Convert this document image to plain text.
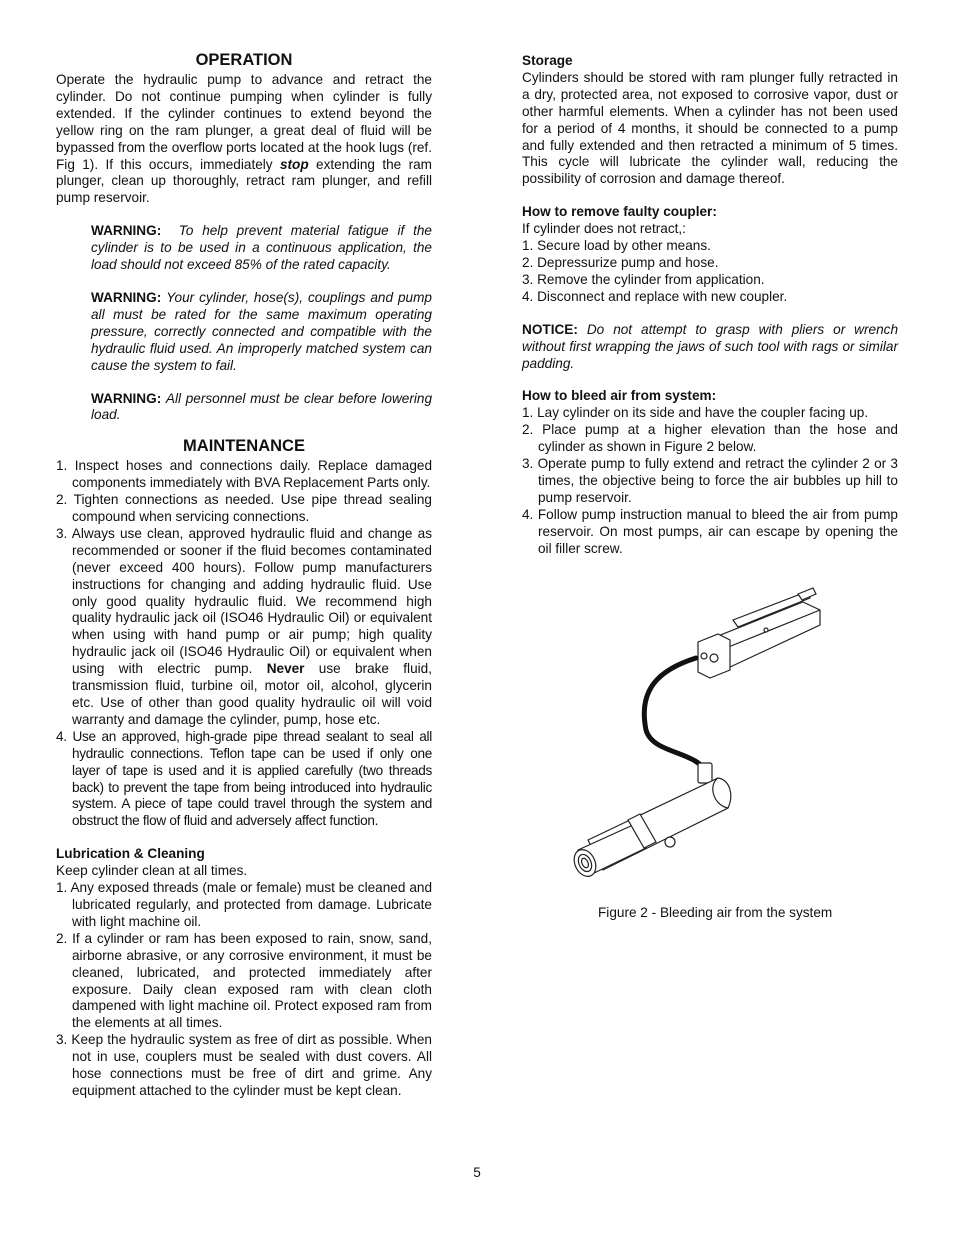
OPERATION

Operate the hydraulic pump to advance and retract the cylinder. Do not continue pumping when cylinder is fully extended. If the cylinder continues to extend beyond the yellow ring on the ram plunger, a great deal of fluid will be bypassed from the overflow ports located at the hook lugs (ref. Fig 1). If this occurs, immediately stop extending the ram plunger, clean up thoroughly, retract ram plunger, and refill pump reservoir.

WARNING: To help prevent material fatigue if the cylinder is to be used in a continuous application, the load should not exceed 85% of the rated capacity.
WARNING: Your cylinder, hose(s), couplings and pump all must be rated for the same maximum operating pressure, correctly connected and compatible with the hydraulic fluid used. An improperly matched system can cause the system to fail.
WARNING: All personnel must be clear before lowering load.
MAINTENANCE
1. Inspect hoses and connections daily. Replace damaged components immediately with BVA Replacement Parts only.
2. Tighten connections as needed. Use pipe thread sealing compound when servicing connections.
3. Always use clean, approved hydraulic fluid and change as recommended or sooner if the fluid becomes contaminated (never exceed 400 hours). Follow pump manufacturers instructions for changing and adding hydraulic fluid. Use only good quality hydraulic fluid. We recommend high quality hydraulic jack oil (ISO46 Hydraulic Oil) or equivalent when using with hand pump or air pump; high quality hydraulic jack oil (ISO46 Hydraulic Oil) or equivalent when using with electric pump. Never use brake fluid, transmission fluid, turbine oil, motor oil, alcohol, glycerin etc. Use of other than good quality hydraulic oil will void warranty and damage the cylinder, pump, hose etc.
4. Use an approved, high-grade pipe thread sealant to seal all hydraulic connections. Teflon tape can be used if only one layer of tape is used and it is applied carefully (two threads back) to prevent the tape from being introduced into hydraulic system. A piece of tape could travel through the system and obstruct the flow of fluid and adversely affect function.
Lubrication & Cleaning

Keep cylinder clean at all times.

1. Any exposed threads (male or female) must be cleaned and lubricated regularly, and protected from damage. Lubricate with light machine oil.
2. If a cylinder or ram has been exposed to rain, snow, sand, airborne abrasive, or any corrosive environment, it must be cleaned, lubricated, and protected immediately after exposure. Daily clean exposed ram with clean cloth dampened with light machine oil. Protect exposed ram from the elements at all times.
3. Keep the hydraulic system as free of dirt as possible. When not in use, couplers must be sealed with dust covers. All hose connections must be free of dirt and grime. Any equipment attached to the cylinder must be kept clean.
Storage

Cylinders should be stored with ram plunger fully retracted in a dry, protected area, not exposed to corrosive vapor, dust or other harmful elements. When a cylinder has not been used for a period of 4 months, it should be connected to a pump and fully extended and then retracted a minimum of 5 times. This cycle will lubricate the cylinder wall, reducing the possibility of corrosion and damage thereof.

How to remove faulty coupler:

If cylinder does not retract,:

1. Secure load by other means.
2. Depressurize pump and hose.
3. Remove the cylinder from application.
4. Disconnect and replace with new coupler.

NOTICE: Do not attempt to grasp with pliers or wrench without first wrapping the jaws of such tool with rags or similar padding.

How to bleed air from system:
1. Lay cylinder on its side and have the coupler facing up.
2. Place pump at a higher elevation than the hose and cylinder as shown in Figure 2 below.
3. Operate pump to fully extend and retract the cylinder 2 or 3 times, the objective being to force the air bubbles up hill to pump reservoir.
4. Follow pump instruction manual to bleed the air from pump reservoir. On most pumps, air can escape by opening the oil filler screw.
Figure 2 - Bleeding air from the system
5
